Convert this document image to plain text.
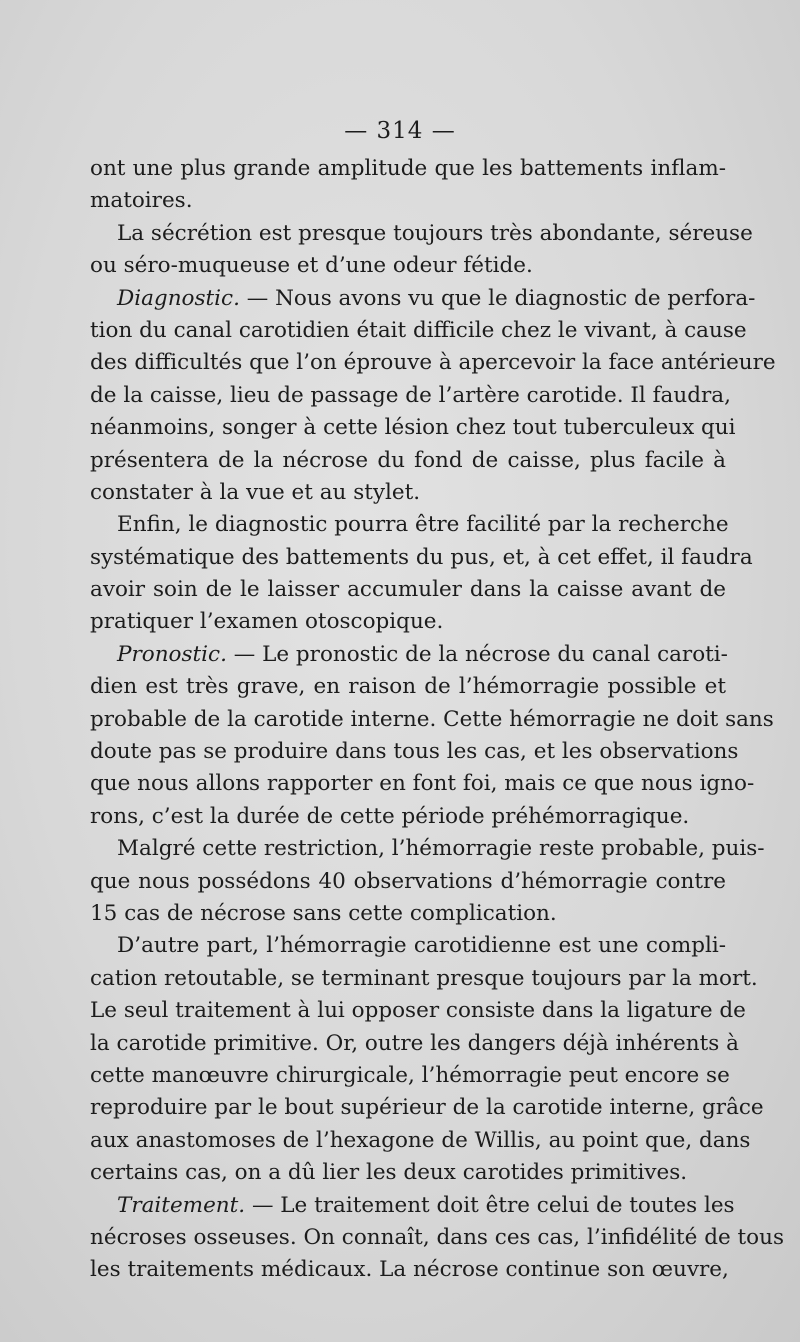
— 314 —
ont une plus grande amplitude que les battements inflam-
matoires.
La sécrétion est presque toujours très abondante, séreuse
ou séro-muqueuse et d’une odeur fétide.
Diagnostic. — Nous avons vu que le diagnostic de perfora-
tion du canal carotidien était difficile chez le vivant, à cause
des difficultés que l’on éprouve à apercevoir la face antérieure
de la caisse, lieu de passage de l’artère carotide. Il faudra,
néanmoins, songer à cette lésion chez tout tuberculeux qui
présentera de la nécrose du fond de caisse, plus facile à
constater à la vue et au stylet.
Enfin, le diagnostic pourra être facilité par la recherche
systématique des battements du pus, et, à cet effet, il faudra
avoir soin de le laisser accumuler dans la caisse avant de
pratiquer l’examen otoscopique.
Pronostic. — Le pronostic de la nécrose du canal caroti-
dien est très grave, en raison de l’hémorragie possible et
probable de la carotide interne. Cette hémorragie ne doit sans
doute pas se produire dans tous les cas, et les observations
que nous allons rapporter en font foi, mais ce que nous igno-
rons, c’est la durée de cette période préhémorragique.
Malgré cette restriction, l’hémorragie reste probable, puis-
que nous possédons 40 observations d’hémorragie contre
15 cas de nécrose sans cette complication.
D’autre part, l’hémorragie carotidienne est une compli-
cation retoutable, se terminant presque toujours par la mort.
Le seul traitement à lui opposer consiste dans la ligature de
la carotide primitive. Or, outre les dangers déjà inhérents à
cette manœuvre chirurgicale, l’hémorragie peut encore se
reproduire par le bout supérieur de la carotide interne, grâce
aux anastomoses de l’hexagone de Willis, au point que, dans
certains cas, on a dû lier les deux carotides primitives.
Traitement. — Le traitement doit être celui de toutes les
nécroses osseuses. On connaît, dans ces cas, l’infidélité de tous
les traitements médicaux. La nécrose continue son œuvre,
